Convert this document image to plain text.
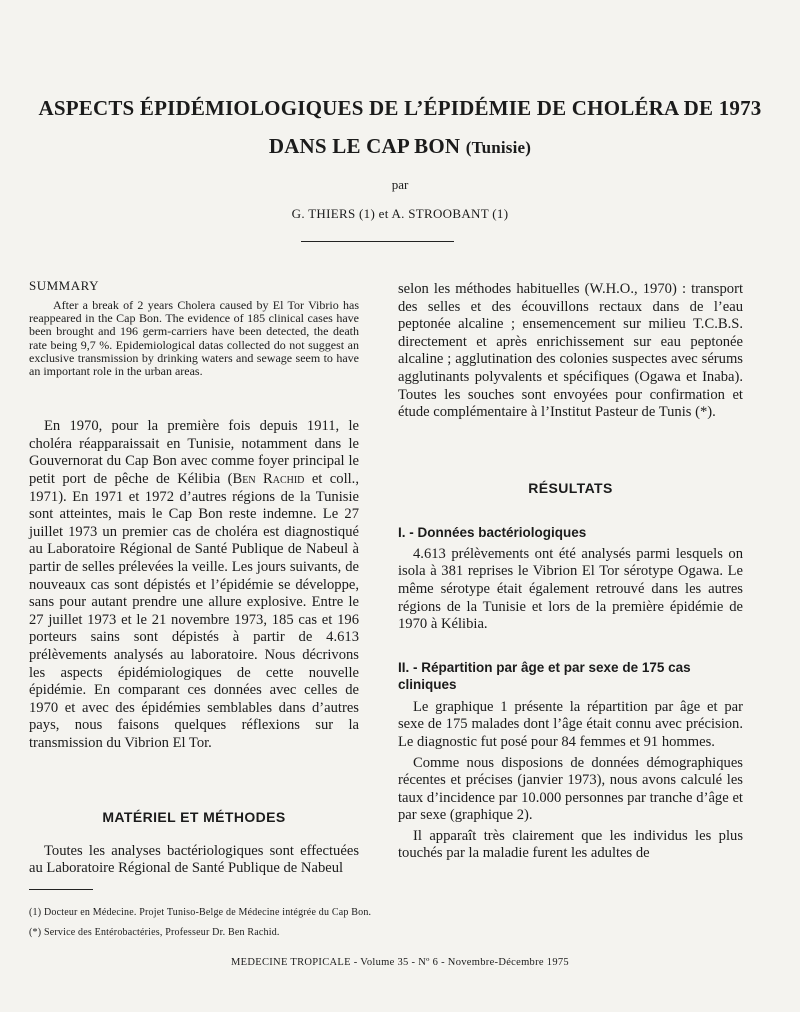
ASPECTS ÉPIDÉMIOLOGIQUES DE L’ÉPIDÉMIE DE CHOLÉRA DE 1973
DANS LE CAP BON (Tunisie)
par
G. THIERS (1) et A. STROOBANT (1)
SUMMARY

After a break of 2 years Cholera caused by El Tor Vibrio has reappeared in the Cap Bon. The evidence of 185 clinical cases have been brought and 196 germ-carriers have been detected, the death rate being 9,7 %. Epidemiological datas collected do not suggest an exclusive transmission by drinking waters and sewage seem to have an important role in the urban areas.

En 1970, pour la première fois depuis 1911, le choléra réapparaissait en Tunisie, notamment dans le Gouvernorat du Cap Bon avec comme foyer principal le petit port de pêche de Kélibia (Ben Rachid et coll., 1971). En 1971 et 1972 d’autres régions de la Tunisie sont atteintes, mais le Cap Bon reste indemne. Le 27 juillet 1973 un premier cas de choléra est diagnostiqué au Laboratoire Régional de Santé Publique de Nabeul à partir de selles prélevées la veille. Les jours suivants, de nouveaux cas sont dépistés et l’épidémie se développe, sans pour autant prendre une allure explosive. Entre le 27 juillet 1973 et le 21 novembre 1973, 185 cas et 196 porteurs sains sont dépistés à partir de 4.613 prélèvements analysés au laboratoire. Nous décrivons les aspects épidémiologiques de cette nouvelle épidémie. En comparant ces données avec celles de 1970 et avec des épidémies semblables dans d’autres pays, nous faisons quelques réflexions sur la transmission du Vibrion El Tor.

MATÉRIEL ET MÉTHODES

Toutes les analyses bactériologiques sont effectuées au Laboratoire Régional de Santé Publique de Nabeul

selon les méthodes habituelles (W.H.O., 1970) : transport des selles et des écouvillons rectaux dans de l’eau peptonée alcaline ; ensemencement sur milieu T.C.B.S. directement et après enrichissement sur eau peptonée alcaline ; agglutination des colonies suspectes avec sérums agglutinants polyvalents et spécifiques (Ogawa et Inaba). Toutes les souches sont envoyées pour confirmation et étude complémentaire à l’Institut Pasteur de Tunis (*).

RÉSULTATS
I. - Données bactériologiques

4.613 prélèvements ont été analysés parmi lesquels on isola à 381 reprises le Vibrion El Tor sérotype Ogawa. Le même sérotype était également retrouvé dans les autres régions de la Tunisie et lors de la première épidémie de 1970 à Kélibia.

II. - Répartition par âge et par sexe de 175 cas cliniques

Le graphique 1 présente la répartition par âge et par sexe de 175 malades dont l’âge était connu avec précision. Le diagnostic fut posé pour 84 femmes et 91 hommes.

Comme nous disposions de données démographiques récentes et précises (janvier 1973), nous avons calculé les taux d’incidence par 10.000 personnes par tranche d’âge et par sexe (graphique 2).

Il apparaît très clairement que les individus les plus touchés par la maladie furent les adultes de

(1) Docteur en Médecine. Projet Tuniso-Belge de Médecine intégrée du Cap Bon.
(*) Service des Entérobactéries, Professeur Dr. Ben Rachid.
MEDECINE TROPICALE - Volume 35 - Nº 6 - Novembre-Décembre 1975
